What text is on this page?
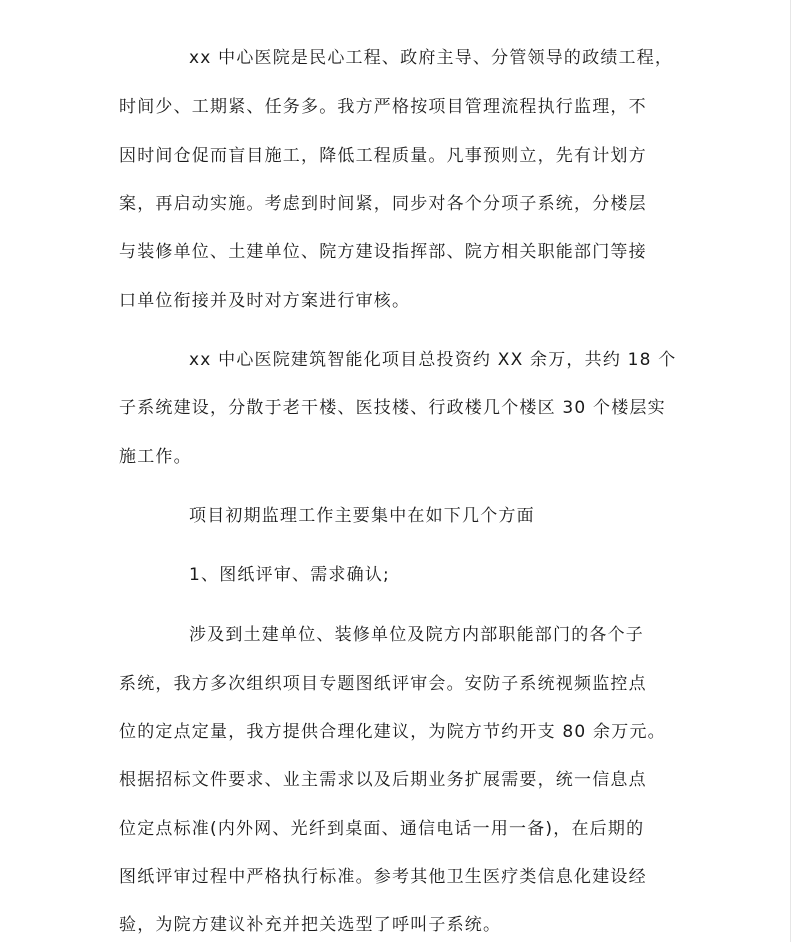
xx 中心医院是民心工程、政府主导、分管领导的政绩工程，
时间少、工期紧、任务多。我方严格按项目管理流程执行监理，不
因时间仓促而盲目施工，降低工程质量。凡事预则立，先有计划方
案，再启动实施。考虑到时间紧，同步对各个分项子系统，分楼层
与装修单位、土建单位、院方建设指挥部、院方相关职能部门等接
口单位衔接并及时对方案进行审核。
xx 中心医院建筑智能化项目总投资约 XX 余万，共约 18 个
子系统建设，分散于老干楼、医技楼、行政楼几个楼区 30 个楼层实
施工作。
项目初期监理工作主要集中在如下几个方面
1、图纸评审、需求确认;
涉及到土建单位、装修单位及院方内部职能部门的各个子
系统，我方多次组织项目专题图纸评审会。安防子系统视频监控点
位的定点定量，我方提供合理化建议，为院方节约开支 80 余万元。
根据招标文件要求、业主需求以及后期业务扩展需要，统一信息点
位定点标准(内外网、光纤到桌面、通信电话一用一备)，在后期的
图纸评审过程中严格执行标准。参考其他卫生医疗类信息化建设经
验，为院方建议补充并把关选型了呼叫子系统。
